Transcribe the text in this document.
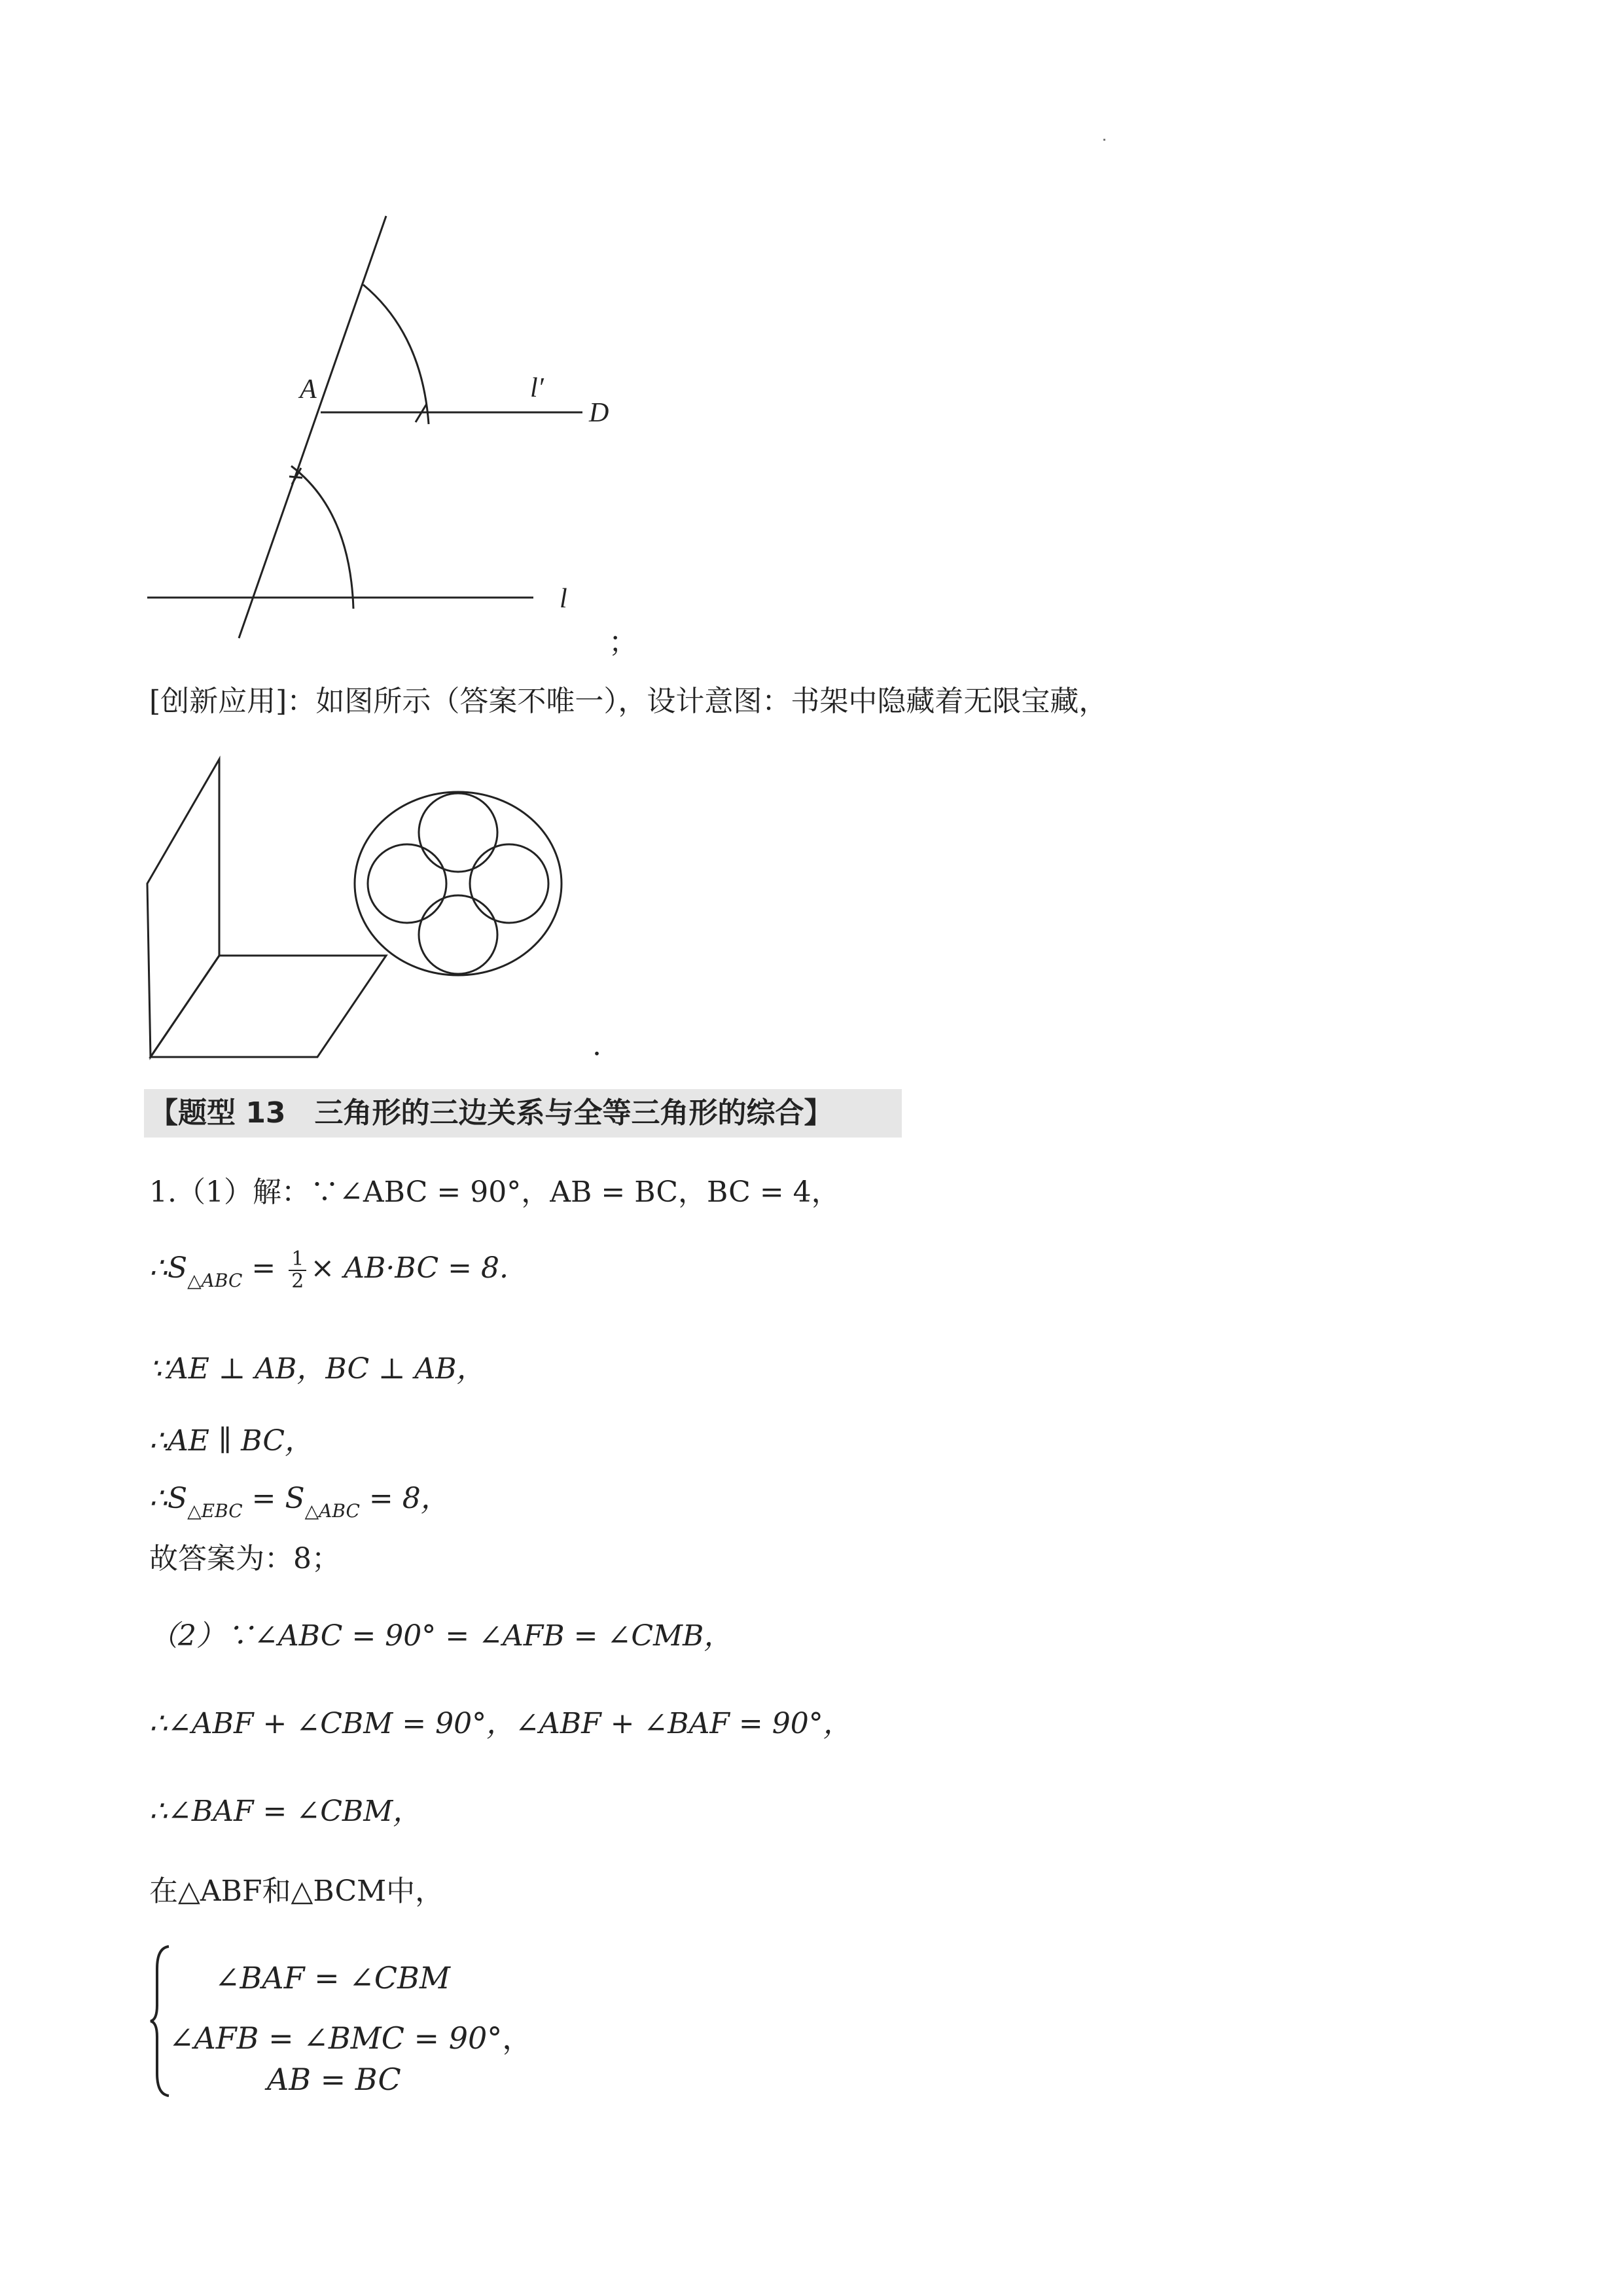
A	l′
D
l
；
[创新应用]：如图所示（答案不唯一），设计意图：书架中隐藏着无限宝藏，
.
【题型 13　三角形的三边关系与全等三角形的综合】
1.（1）解：∵∠ABC = 90°，AB = BC，BC = 4，
$\therefore S_{\triangle ABC} = \frac{1}{2} \times AB\cdot BC = 8$.
∵AE ⊥ AB，BC ⊥ AB，
∴AE ∥ BC，
$\therefore S_{\triangle EBC} = S_{\triangle ABC} = 8$，
故答案为：8；
（2）∵∠ABC = 90° = ∠AFB = ∠CMB，
∴∠ABF + ∠CBM = 90°，∠ABF + ∠BAF = 90°，
∴∠BAF = ∠CBM，
在△ABF和△BCM中，
∠BAF = ∠CBM
∠AFB = ∠BMC = 90°，
AB = BC
